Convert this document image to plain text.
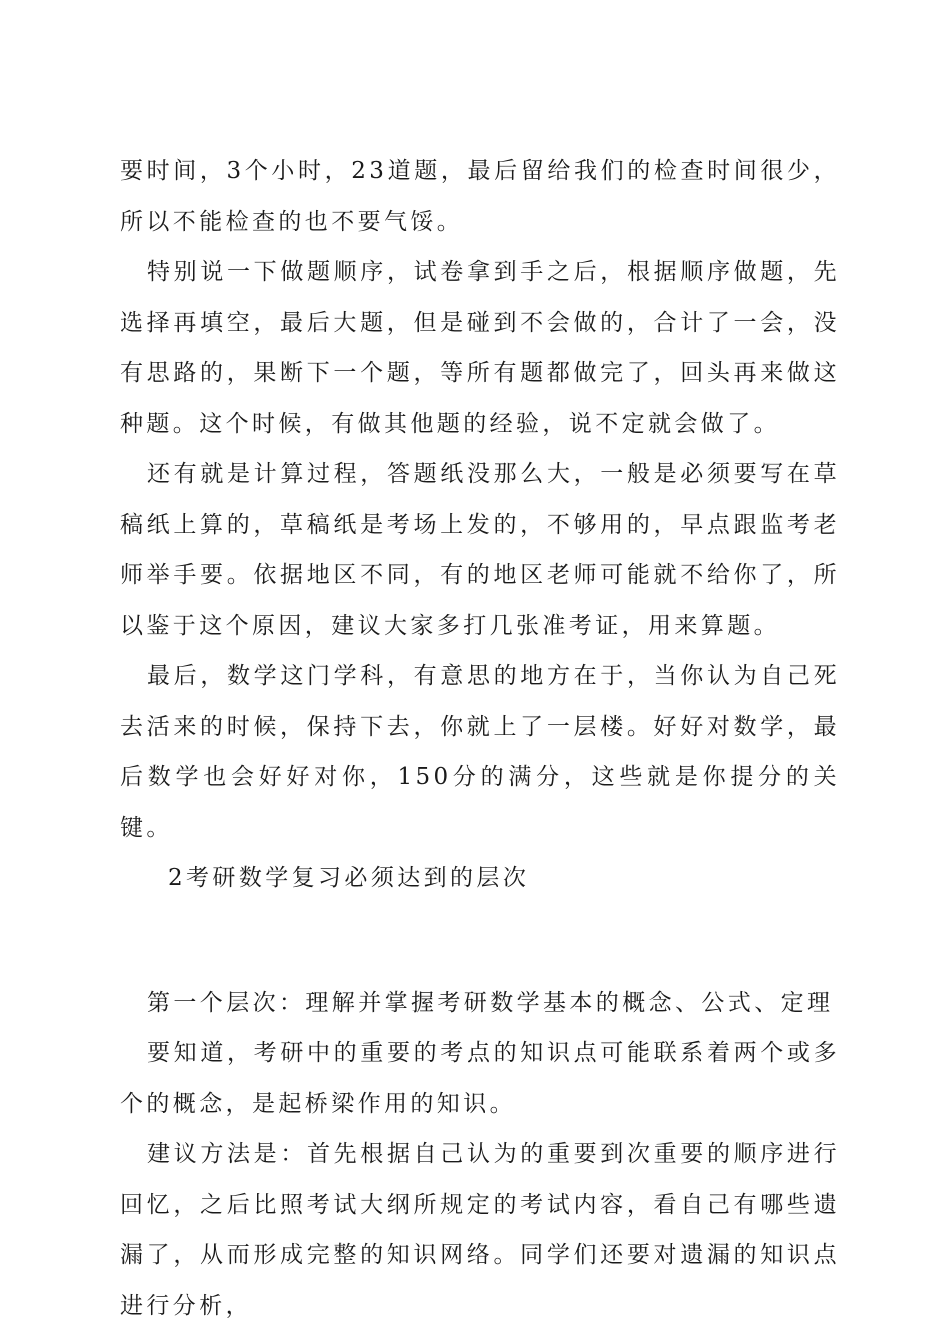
要时间，3个小时，23道题，最后留给我们的检查时间很少，所以不能检查的也不要气馁。

特别说一下做题顺序，试卷拿到手之后，根据顺序做题，先选择再填空，最后大题，但是碰到不会做的，合计了一会，没有思路的，果断下一个题，等所有题都做完了，回头再来做这种题。这个时候，有做其他题的经验，说不定就会做了。

还有就是计算过程，答题纸没那么大，一般是必须要写在草稿纸上算的，草稿纸是考场上发的，不够用的，早点跟监考老师举手要。依据地区不同，有的地区老师可能就不给你了，所以鉴于这个原因，建议大家多打几张准考证，用来算题。

最后，数学这门学科，有意思的地方在于，当你认为自己死去活来的时候，保持下去，你就上了一层楼。好好对数学，最后数学也会好好对你，150分的满分，这些就是你提分的关键。

2考研数学复习必须达到的层次

第一个层次：理解并掌握考研数学基本的概念、公式、定理

要知道，考研中的重要的考点的知识点可能联系着两个或多个的概念，是起桥梁作用的知识。

建议方法是：首先根据自己认为的重要到次重要的顺序进行回忆，之后比照考试大纲所规定的考试内容，看自己有哪些遗漏了，从而形成完整的知识网络。同学们还要对遗漏的知识点进行分析，
